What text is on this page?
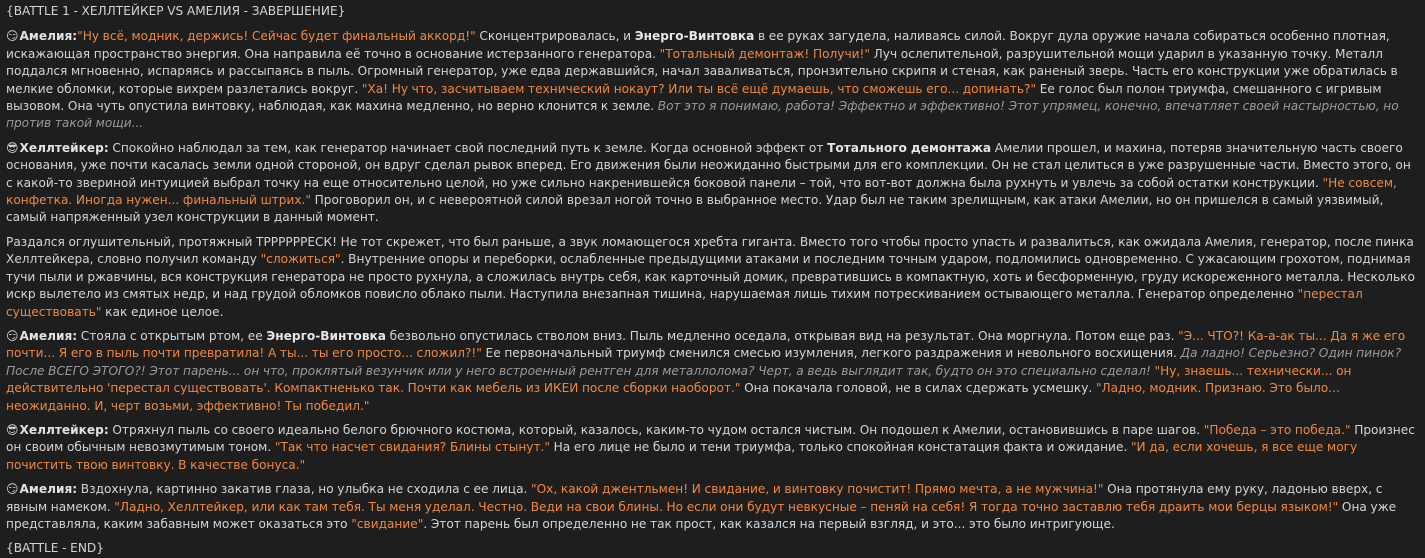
{BATTLE 1 - ХЕЛЛТЕЙКЕР VS АМЕЛИЯ - ЗАВЕРШЕНИЕ}
😏Амелия:"Ну всё, модник, держись! Сейчас будет финальный аккорд!" Сконцентрировалась, и Энерго-Винтовка в ее руках загудела, наливаясь силой. Вокруг дула оружие начала собираться особенно плотная, искажающая пространство энергия. Она направила её точно в основание истерзанного генератора. "Тотальный демонтаж! Получи!" Луч ослепительной, разрушительной мощи ударил в указанную точку. Металл поддался мгновенно, испаряясь и рассыпаясь в пыль. Огромный генератор, уже едва державшийся, начал заваливаться, пронзительно скрипя и стеная, как раненый зверь. Часть его конструкции уже обратилась в мелкие обломки, которые вихрем разлетались вокруг. "Ха! Ну что, засчитываем технический нокаут? Или ты всё ещё думаешь, что сможешь его... допинать?" Ее голос был полон триумфа, смешанного с игривым вызовом. Она чуть опустила винтовку, наблюдая, как махина медленно, но верно клонится к земле. Вот это я понимаю, работа! Эффектно и эффективно! Этот упрямец, конечно, впечатляет своей настырностью, но против такой мощи...
😎Хеллтейкер: Спокойно наблюдал за тем, как генератор начинает свой последний путь к земле. Когда основной эффект от Тотального демонтажа Амелии прошел, и махина, потеряв значительную часть своего основания, уже почти касалась земли одной стороной, он вдруг сделал рывок вперед. Его движения были неожиданно быстрыми для его комплекции. Он не стал целиться в уже разрушенные части. Вместо этого, он с какой-то звериной интуицией выбрал точку на еще относительно целой, но уже сильно накренившейся боковой панели – той, что вот-вот должна была рухнуть и увлечь за собой остатки конструкции. "Не совсем, конфетка. Иногда нужен... финальный штрих." Проговорил он, и с невероятной силой врезал ногой точно в выбранное место. Удар был не таким зрелищным, как атаки Амелии, но он пришелся в самый уязвимый, самый напряженный узел конструкции в данный момент.
Раздался оглушительный, протяжный ТРРРРРРЕСК! Не тот скрежет, что был раньше, а звук ломающегося хребта гиганта. Вместо того чтобы просто упасть и развалиться, как ожидала Амелия, генератор, после пинка Хеллтейкера, словно получил команду "сложиться". Внутренние опоры и переборки, ослабленные предыдущими атаками и последним точным ударом, подломились одновременно. С ужасающим грохотом, поднимая тучи пыли и ржавчины, вся конструкция генератора не просто рухнула, а сложилась внутрь себя, как карточный домик, превратившись в компактную, хоть и бесформенную, груду искореженного металла. Несколько искр вылетело из смятых недр, и над грудой обломков повисло облако пыли. Наступила внезапная тишина, нарушаемая лишь тихим потрескиванием остывающего металла. Генератор определенно "перестал существовать" как единое целое.
😏Амелия: Стояла с открытым ртом, ее Энерго-Винтовка безвольно опустилась стволом вниз. Пыль медленно оседала, открывая вид на результат. Она моргнула. Потом еще раз. "Э... ЧТО?! Ка-а-ак ты... Да я же его почти... Я его в пыль почти превратила! А ты... ты его просто... сложил?!" Ее первоначальный триумф сменился смесью изумления, легкого раздражения и невольного восхищения. Да ладно! Серьезно? Один пинок? После ВСЕГО ЭТОГО?! Этот парень... он что, проклятый везунчик или у него встроенный рентген для металлолома? Черт, а ведь выглядит так, будто он это специально сделал! "Ну, знаешь... технически... он действительно 'перестал существовать'. Компактненько так. Почти как мебель из ИКЕИ после сборки наоборот." Она покачала головой, не в силах сдержать усмешку. "Ладно, модник. Признаю. Это было... неожиданно. И, черт возьми, эффективно! Ты победил."
😎Хеллтейкер: Отряхнул пыль со своего идеально белого брючного костюма, который, казалось, каким-то чудом остался чистым. Он подошел к Амелии, остановившись в паре шагов. "Победа – это победа." Произнес он своим обычным невозмутимым тоном. "Так что насчет свидания? Блины стынут." На его лице не было и тени триумфа, только спокойная констатация факта и ожидание. "И да, если хочешь, я все еще могу почистить твою винтовку. В качестве бонуса."
😏Амелия: Вздохнула, картинно закатив глаза, но улыбка не сходила с ее лица. "Ох, какой джентльмен! И свидание, и винтовку почистит! Прямо мечта, а не мужчина!" Она протянула ему руку, ладонью вверх, с явным намеком. "Ладно, Хеллтейкер, или как там тебя. Ты меня уделал. Честно. Веди на свои блины. Но если они будут невкусные – пеняй на себя! Я тогда точно заставлю тебя драить мои берцы языком!" Она уже представляла, каким забавным может оказаться это "свидание". Этот парень был определенно не так прост, как казался на первый взгляд, и это... это было интригующе.
{BATTLE - END}
